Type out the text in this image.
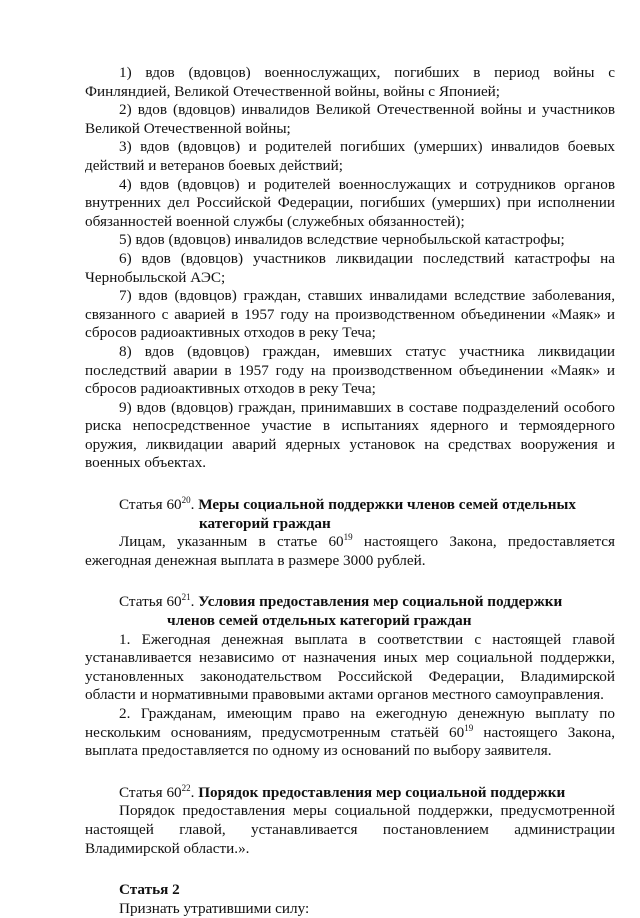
1) вдов (вдовцов) военнослужащих, погибших в период войны с Финляндией, Великой Отечественной войны, войны с Японией;

2) вдов (вдовцов) инвалидов Великой Отечественной войны и участников Великой Отечественной войны;

3) вдов (вдовцов) и родителей погибших (умерших) инвалидов боевых действий и ветеранов боевых действий;

4) вдов (вдовцов) и родителей военнослужащих и сотрудников органов внутренних дел Российской Федерации, погибших (умерших) при исполнении обязанностей военной службы (служебных обязанностей);

5) вдов (вдовцов) инвалидов вследствие чернобыльской катастрофы;

6) вдов (вдовцов) участников ликвидации последствий катастрофы на Чернобыльской АЭС;

7) вдов (вдовцов) граждан, ставших инвалидами вследствие заболевания, связанного с аварией в 1957 году на производственном объединении «Маяк» и сбросов радиоактивных отходов в реку Теча;

8) вдов (вдовцов) граждан, имевших статус участника ликвидации последствий аварии в 1957 году на производственном объединении «Маяк» и сбросов радиоактивных отходов в реку Теча;

9) вдов (вдовцов) граждан, принимавших в составе подразделений особого риска непосредственное участие в испытаниях ядерного и термоядерного оружия, ликвидации аварий ядерных установок на средствах вооружения и военных объектах.

Статья $60^{20}$. Меры социальной поддержки членов семей отдельных
категорий граждан

Лицам, указанным в статье $60^{19}$ настоящего Закона, предоставляется ежегодная денежная выплата в размере 3000 рублей.

Статья $60^{21}$. Условия предоставления мер социальной поддержки
членов семей отдельных категорий граждан

1. Ежегодная денежная выплата в соответствии с настоящей главой устанавливается независимо от назначения иных мер социальной поддержки, установленных законодательством Российской Федерации, Владимирской области и нормативными правовыми актами органов местного самоуправления.

2. Гражданам, имеющим право на ежегодную денежную выплату по нескольким основаниям, предусмотренным статьёй $60^{19}$ настоящего Закона, выплата предоставляется по одному из оснований по выбору заявителя.

Статья $60^{22}$. Порядок предоставления мер социальной поддержки

Порядок предоставления меры социальной поддержки, предусмотренной настоящей главой, устанавливается постановлением администрации Владимирской области.».

Статья 2

Признать утратившими силу:
